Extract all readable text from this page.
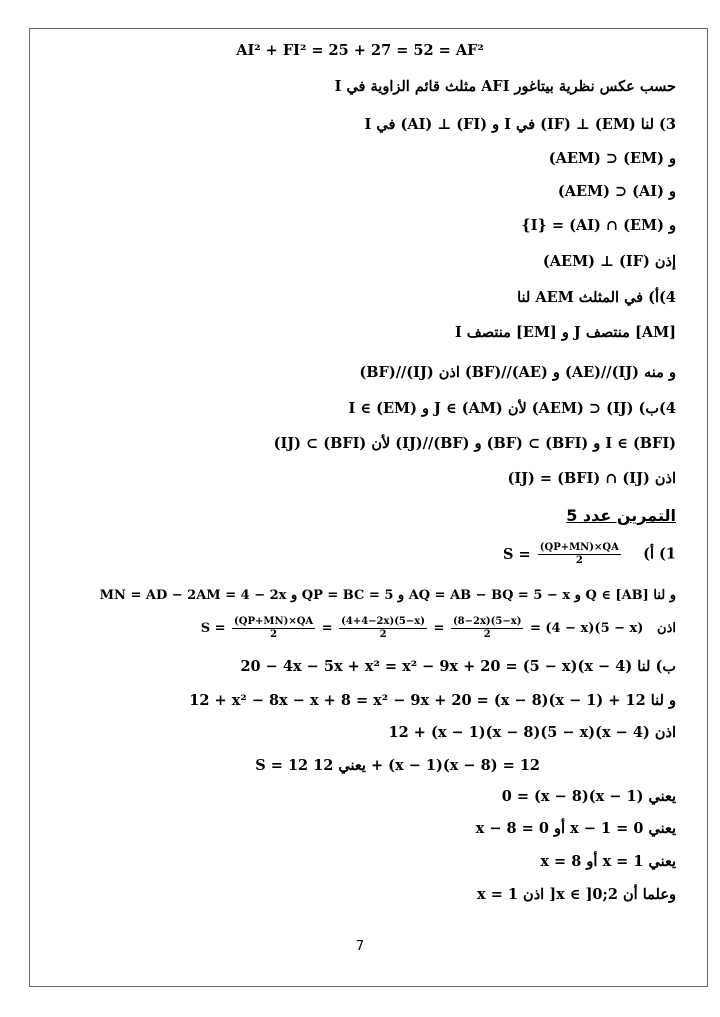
AI² + FI² = 25 + 27 = 52 = AF²
حسب عكس نظرية بيتاغور AFI مثلث قائم الزاوية في I
3) لنا (EM) ⊥ (IF) في I و (FI) ⊥ (AI) في I
و (EM) ⊂ (AEM)
و (AI) ⊂ (AEM)
و (EM) ∩ (AI) = {I}
إذن (IF) ⊥ (AEM)
4)أ) في المثلث AEM لنا
I منتصف [EM] و J منتصف [AM]
و منه (IJ)//(AE) و (AE)//(BF) اذن (IJ)//(BF)
4)ب) (IJ) ⊂ (AEM) لأن J ∈ (AM) و I ∈ (EM)
(IJ) ⊂ (BFI) لأن (IJ)//(BF) و (BF) ⊂ (BFI) و I ∈ (BFI)
اذن (IJ) ∩ (BFI) = (IJ)
التمرين عدد 5
1) أ)    $S = \frac{(QP+MN)\times QA}{2}$
و لنا Q ∈ [AB] و AQ = AB − BQ = 5 − x و QP = BC = 5 و MN = AD − 2AM = 4 − 2x
اذن   $S = \frac{(QP+MN)\times QA}{2} = \frac{(4+4-2x)(5-x)}{2} = \frac{(8-2x)(5-x)}{2} = (4 - x)(5 - x)$
ب) لنا (4 − x)(5 − x) = 20 − 4x − 5x + x² = x² − 9x + 20
و لنا 12 + (x − 1)(x − 8) = 12 + x² − 8x − x + 8 = x² − 9x + 20
اذن (4 − x)(5 − x)12 + (x − 1)(x − 8)
S = 12 يعني 12 + (x − 1)(x − 8) = 12
يعني (x − 1)(x − 8) = 0
يعني x − 1 = 0 أو x − 8 = 0
يعني x = 1 أو x = 8
وعلما أن x ∈ ]0;2[ اذن x = 1
7
